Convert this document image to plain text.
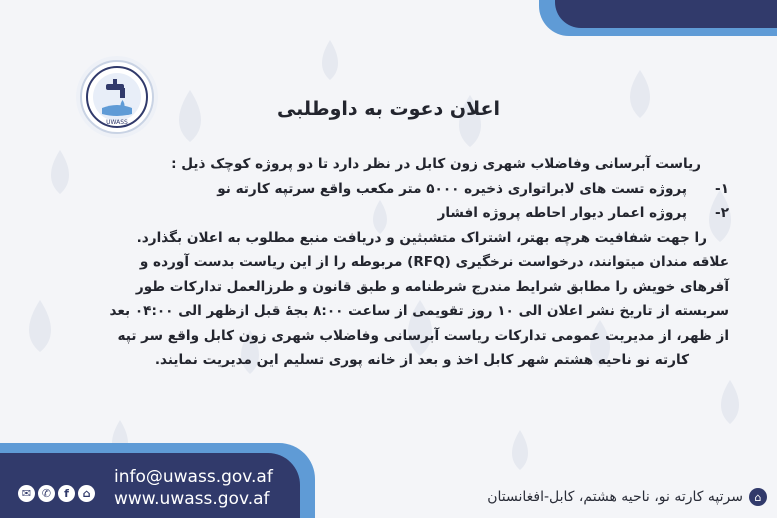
UWASS
اعلان دعوت به داوطلبی
ریاست آبرسانی وفاضلاب شهری زون کابل در نظر دارد تا دو پروژه کوچک ذیل :
۱-
پروژه تست های لابراتواری ذخیره ۵۰۰۰ متر مکعب واقع سرتپه کارته نو
۲-
پروژه اعمار دیوار احاطه پروژه افشار
را جهت شفافیت هرچه بهتر، اشتراک متشبثین و دریافت منبع مطلوب به اعلان بگذارد.
علاقه مندان میتوانند، درخواست نرخگیری (RFQ) مربوطه را از این ریاست بدست آورده و
آفرهای خویش را مطابق شرایط مندرج شرطنامه و طبق قانون و طرزالعمل تدارکات طور
سربسته از تاریخ نشر اعلان الی ۱۰ روز تقویمی از ساعت ۸:۰۰ بجهٔ قبل ازظهر الی ۰۴:۰۰ بعد
از ظهر، از مدیریت عمومی تدارکات ریاست آبرسانی وفاضلاب شهری زون کابل واقع سر تپه
کارته نو ناحیه هشتم شهر کابل اخذ و بعد از خانه پوری تسلیم این مدیریت نمایند.
✉ ✆	f	⌂
info@uwass.gov.af
www.uwass.gov.af	⌂
سرتپه کارته نو، ناحیه هشتم، کابل-افغانستان
